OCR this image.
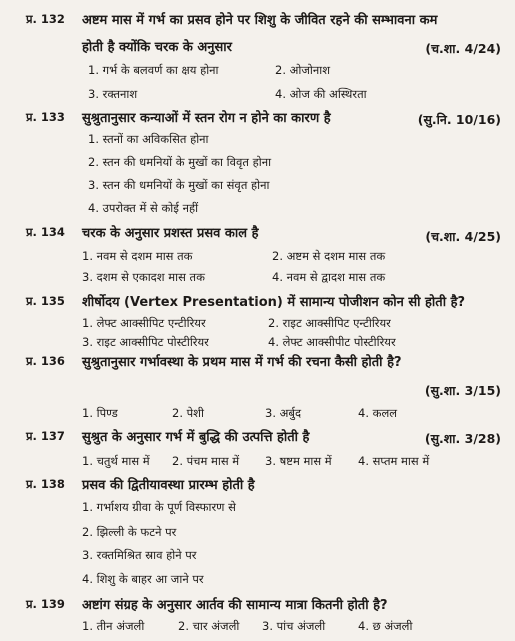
प्र. 132 अष्टम मास में गर्भ का प्रसव होने पर शिशु के जीवित रहने की सम्भावना कम
होती है क्योंकि चरक के अनुसार	(च.शा. 4/24)
1. गर्भ के बलवर्ण का क्षय होना	2. ओजोनाश
3. रक्तनाश	4. ओज की अस्थिरता
प्र. 133 सुश्रुतानुसार कन्याओं में स्तन रोग न होने का कारण है	(सु.नि. 10/16)
1. स्तनों का अविकसित होना
2. स्तन की धमनियों के मुखों का विवृत होना
3. स्तन की धमनियों के मुखों का संवृत होना
4. उपरोक्त में से कोई नहीं
प्र. 134 चरक के अनुसार प्रशस्त प्रसव काल है	(च.शा. 4/25)
1. नवम से दशम मास तक	2. अष्टम से दशम मास तक
3. दशम से एकादश मास तक	4. नवम से द्वादश मास तक
प्र. 135 शीर्षोदय (Vertex Presentation) में सामान्य पोजीशन कोन सी होती है?
1. लेफ्ट आक्सीपिट एन्टीरियर	2. राइट आक्सीपिट एन्टीरियर
3. राइट आक्सीपिट पोस्टीरियर	4. लेफ्ट आक्सीपीट पोस्टीरियर
प्र. 136 सुश्रुतानुसार गर्भावस्था के प्रथम मास में गर्भ की रचना कैसी होती है?
(सु.शा. 3/15)
1. पिण्ड	2. पेशी	3. अर्बुद	4. कलल
प्र. 137 सुश्रुत के अनुसार गर्भ में बुद्धि की उत्पत्ति होती है	(सु.शा. 3/28)
1. चतुर्थ मास में 2. पंचम मास में 3. षष्टम मास में 4. सप्तम मास में
प्र. 138 प्रसव की द्वितीयावस्था प्रारम्भ होती है
1. गर्भाशय ग्रीवा के पूर्ण विस्फारण से
2. झिल्ली के फटने पर
3. रक्तमिश्रित स्राव होने पर
4. शिशु के बाहर आ जाने पर
प्र. 139 अष्टांग संग्रह के अनुसार आर्तव की सामान्य मात्रा कितनी होती है?
1. तीन अंजली	2. चार अंजली 3. पांच अंजली	4. छ अंजली
